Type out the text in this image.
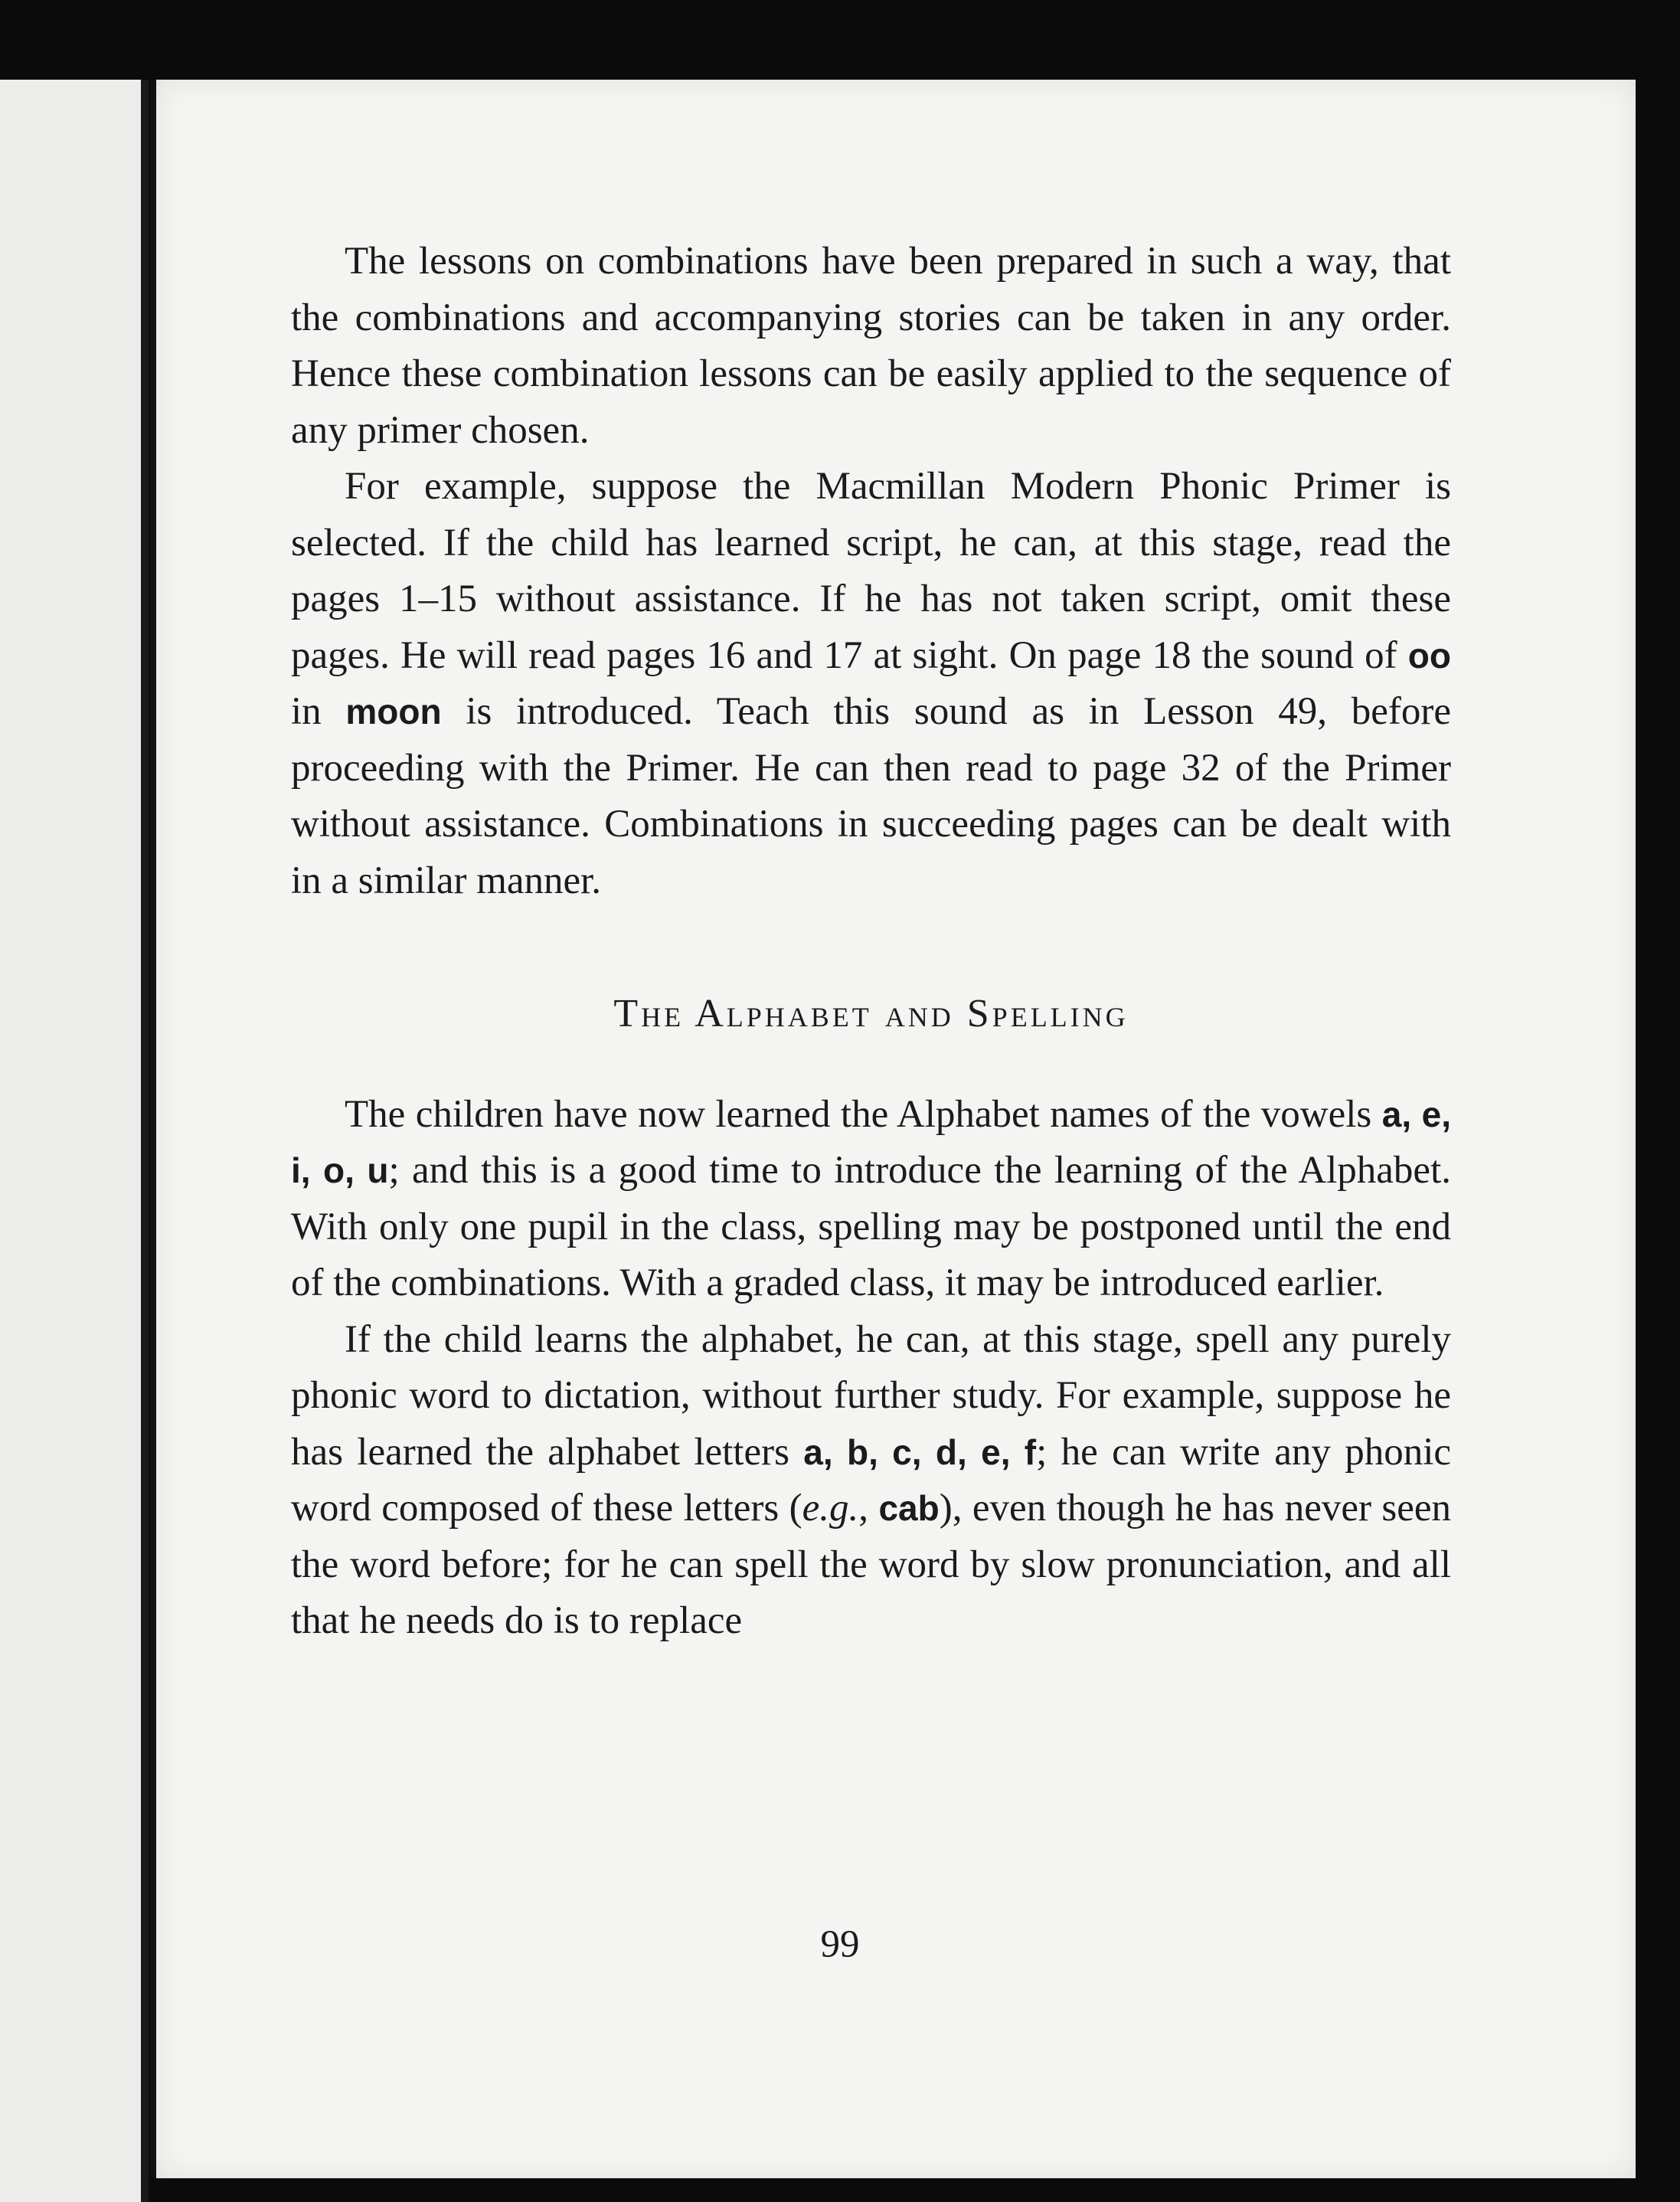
The lessons on combinations have been prepared in such a way, that the combinations and accompanying stories can be taken in any order. Hence these combination lessons can be easily applied to the sequence of any primer chosen.

For example, suppose the Macmillan Modern Phonic Primer is selected. If the child has learned script, he can, at this stage, read the pages 1–15 without assistance. If he has not taken script, omit these pages. He will read pages 16 and 17 at sight. On page 18 the sound of oo in moon is introduced. Teach this sound as in Lesson 49, before proceeding with the Primer. He can then read to page 32 of the Primer without assistance. Combinations in succeeding pages can be dealt with in a similar manner.

The Alphabet and Spelling

The children have now learned the Alphabet names of the vowels a, e, i, o, u; and this is a good time to introduce the learning of the Alphabet. With only one pupil in the class, spelling may be postponed until the end of the combinations. With a graded class, it may be introduced earlier.

If the child learns the alphabet, he can, at this stage, spell any purely phonic word to dictation, without further study. For example, suppose he has learned the alphabet letters a, b, c, d, e, f; he can write any phonic word composed of these letters (e.g., cab), even though he has never seen the word before; for he can spell the word by slow pronunciation, and all that he needs do is to replace

99
